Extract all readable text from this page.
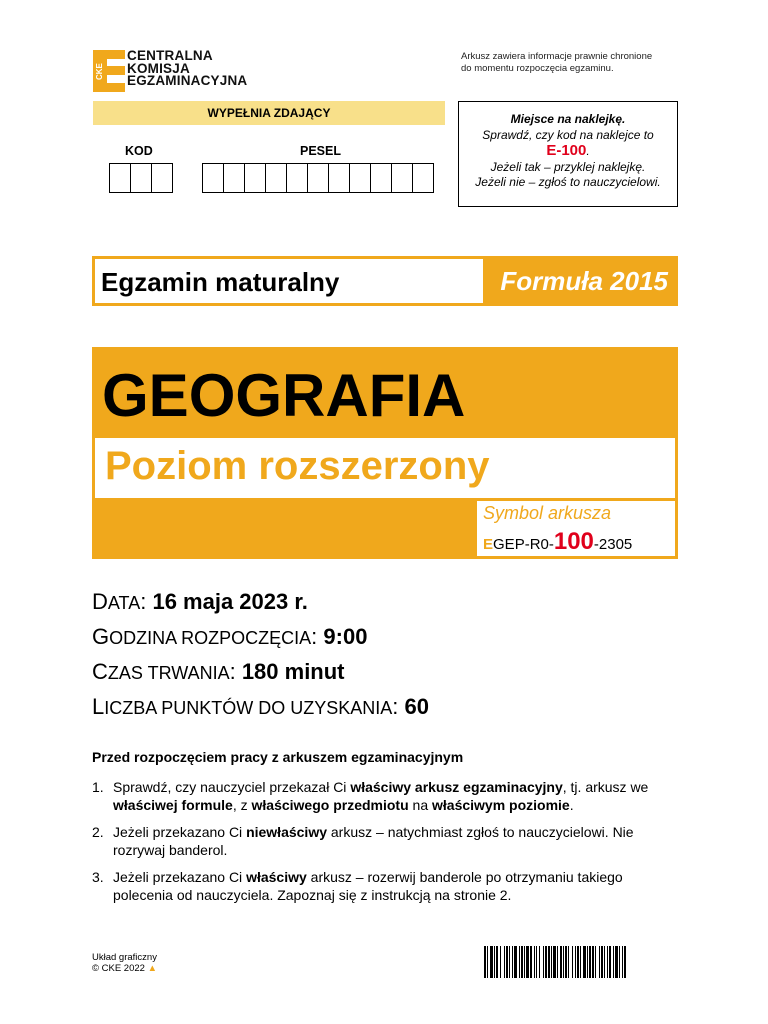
CKE
CENTRALNA
KOMISJA
EGZAMINACYJNA
Arkusz zawiera informacje prawnie chronione
do momentu rozpoczęcia egzaminu.
WYPEŁNIA ZDAJĄCY
KOD	PESEL
Miejsce na naklejkę.
Sprawdź, czy kod na naklejce to
E-100.
Jeżeli tak – przyklej naklejkę.
Jeżeli nie – zgłoś to nauczycielowi.
Egzamin maturalny	Formuła 2015
GEOGRAFIA
Poziom rozszerzony
Symbol arkusza
EGEP-R0-100-2305
DATA: 16 maja 2023 r.
GODZINA ROZPOCZĘCIA: 9:00
CZAS TRWANIA: 180 minut
LICZBA PUNKTÓW DO UZYSKANIA: 60
Przed rozpoczęciem pracy z arkuszem egzaminacyjnym
1. Sprawdź, czy nauczyciel przekazał Ci właściwy arkusz egzaminacyjny, tj. arkusz we właściwej formule, z właściwego przedmiotu na właściwym poziomie.
2. Jeżeli przekazano Ci niewłaściwy arkusz – natychmiast zgłoś to nauczycielowi. Nie rozrywaj banderol.
3. Jeżeli przekazano Ci właściwy arkusz – rozerwij banderole po otrzymaniu takiego polecenia od nauczyciela. Zapoznaj się z instrukcją na stronie 2.
Układ graficzny
© CKE 2022 ▲
